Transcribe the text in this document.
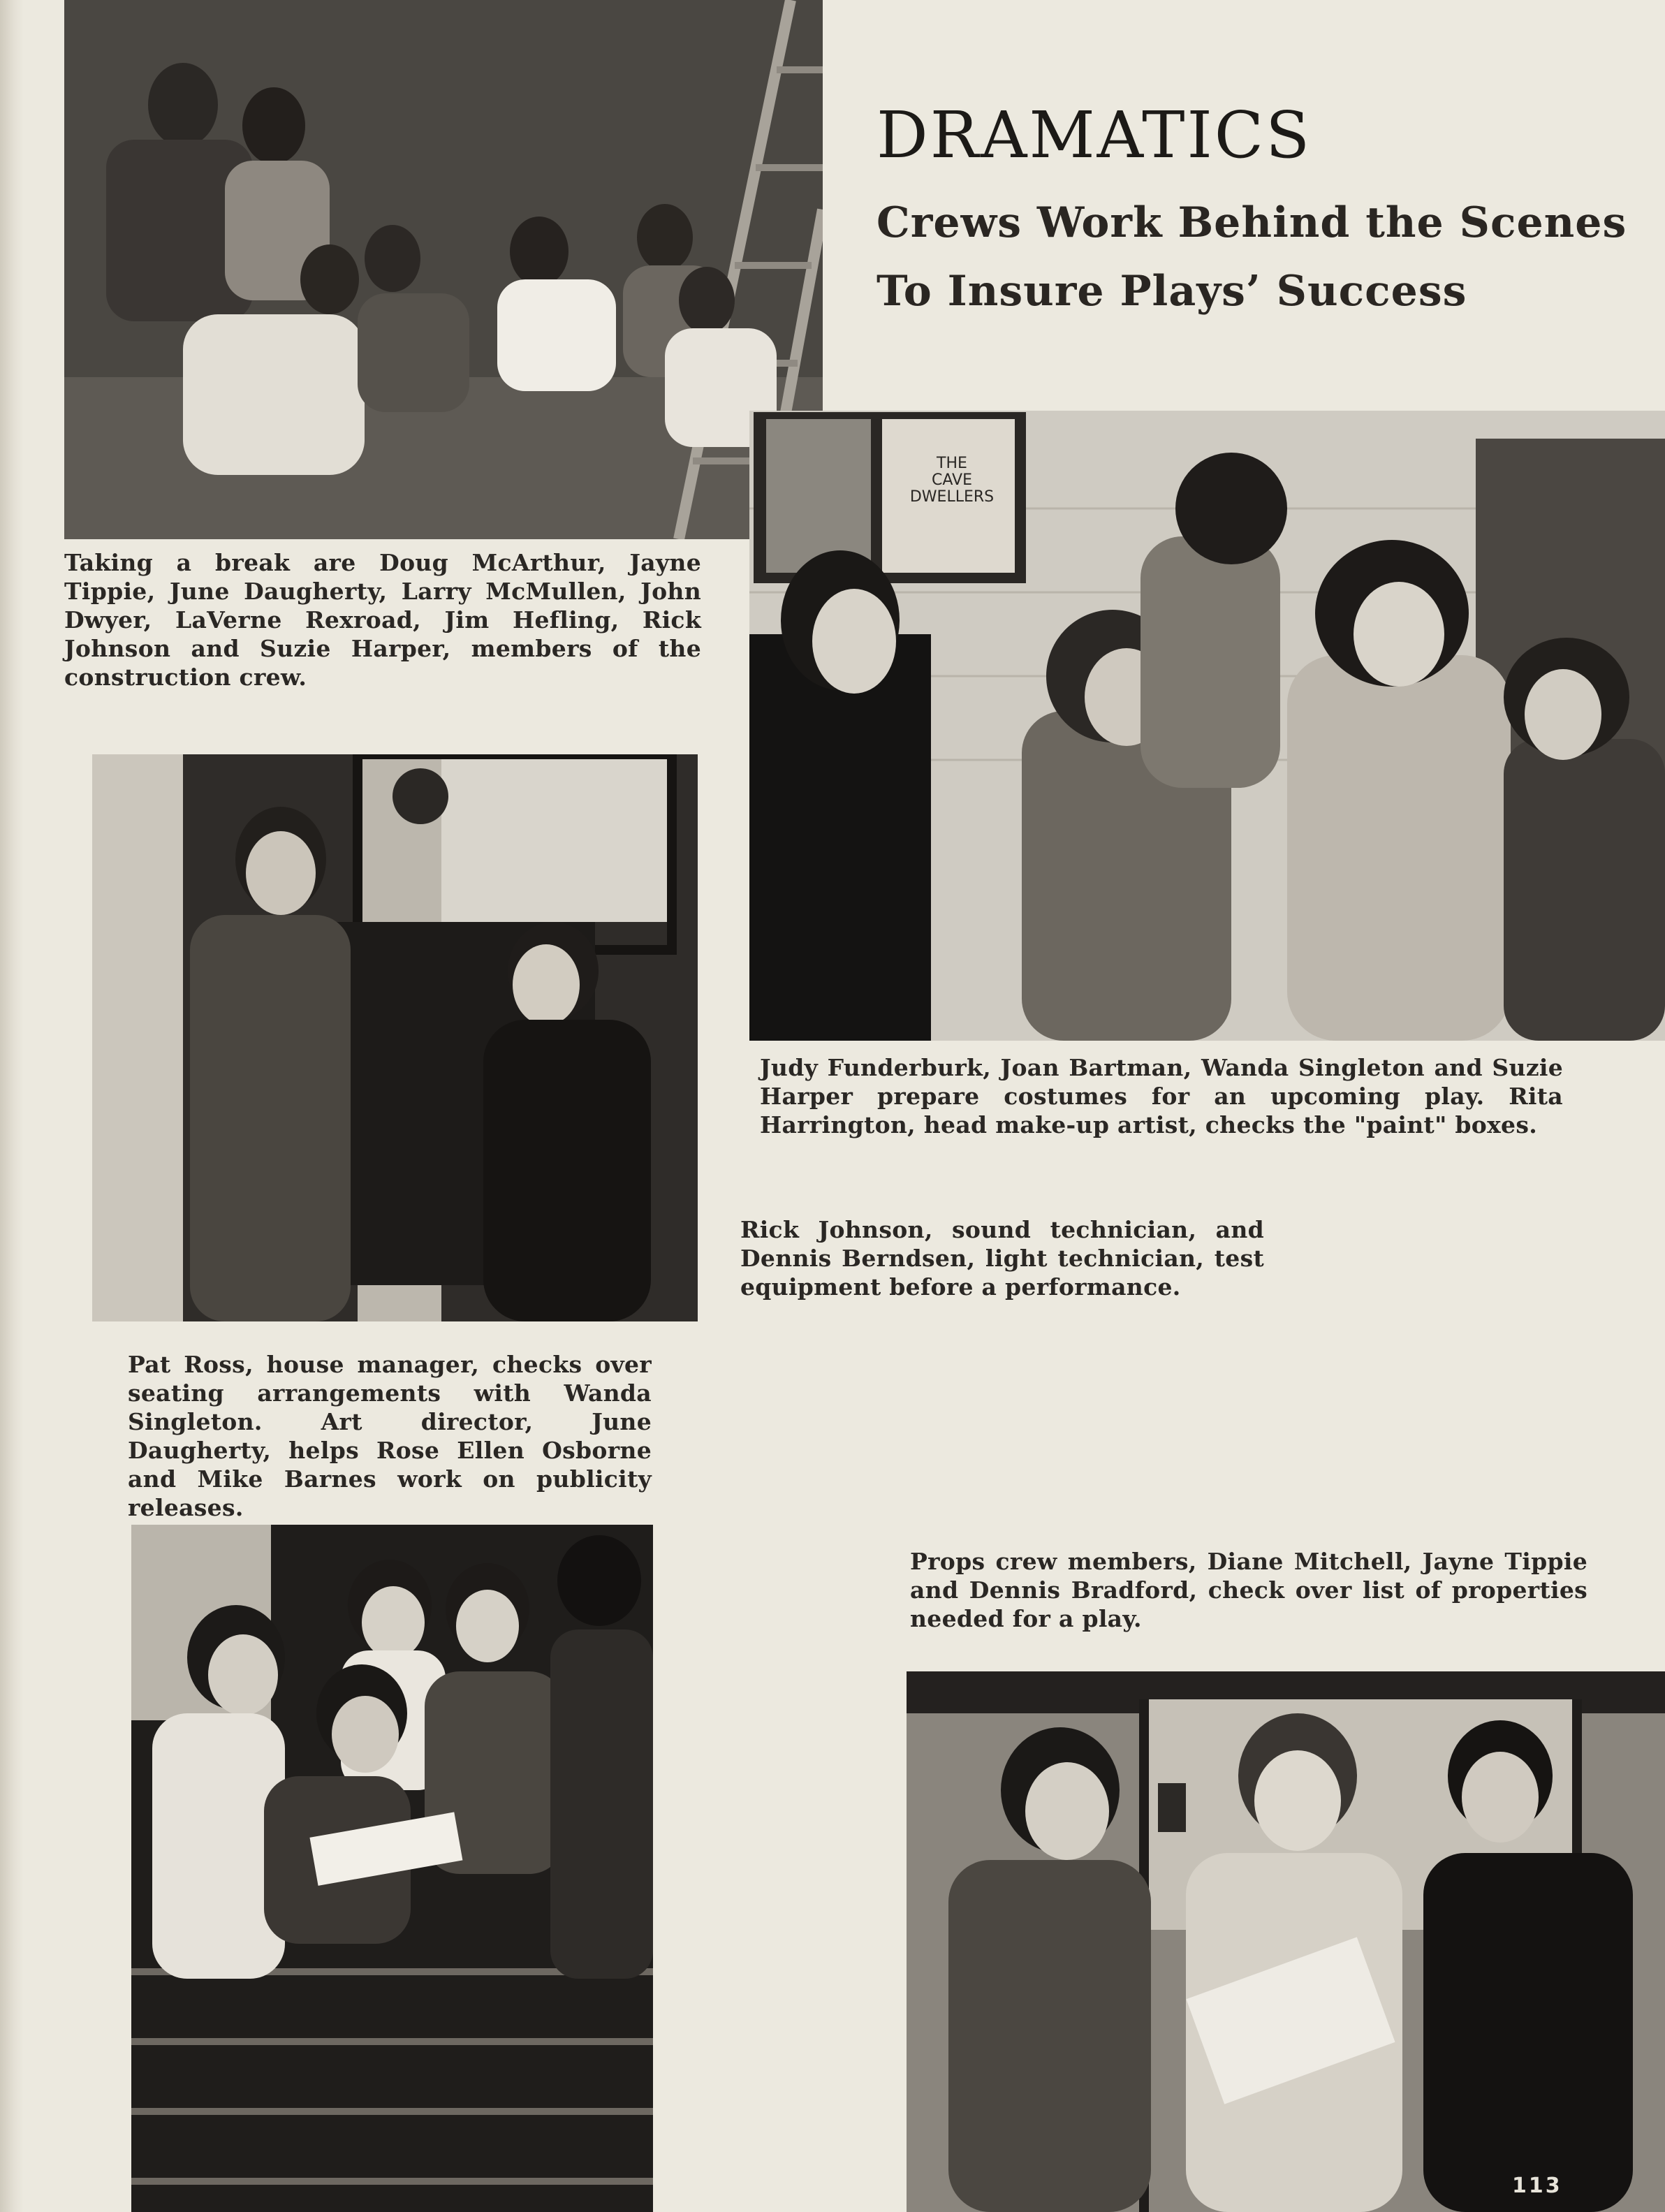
DRAMATICS

Crews Work Behind the Scenes
To Insure Plays’ Success

Taking a break are Doug McArthur, Jayne Tippie, June Daugherty, Larry McMullen, John Dwyer, LaVerne Rexroad, Jim Hefling, Rick Johnson and Suzie Harper, members of the construction crew.

THE
CAVE
DWELLERS

Judy Funderburk, Joan Bartman, Wanda Singleton and Suzie Harper prepare costumes for an upcoming play. Rita Harrington, head make-up artist, checks the "paint" boxes.

Rick Johnson, sound technician, and Dennis Berndsen, light technician, test equipment before a performance.

Pat Ross, house manager, checks over seating arrangements with Wanda Singleton. Art director, June Daugherty, helps Rose Ellen Osborne and Mike Barnes work on publicity releases.

Props crew members, Diane Mitchell, Jayne Tippie and Dennis Bradford, check over list of properties needed for a play.

113
